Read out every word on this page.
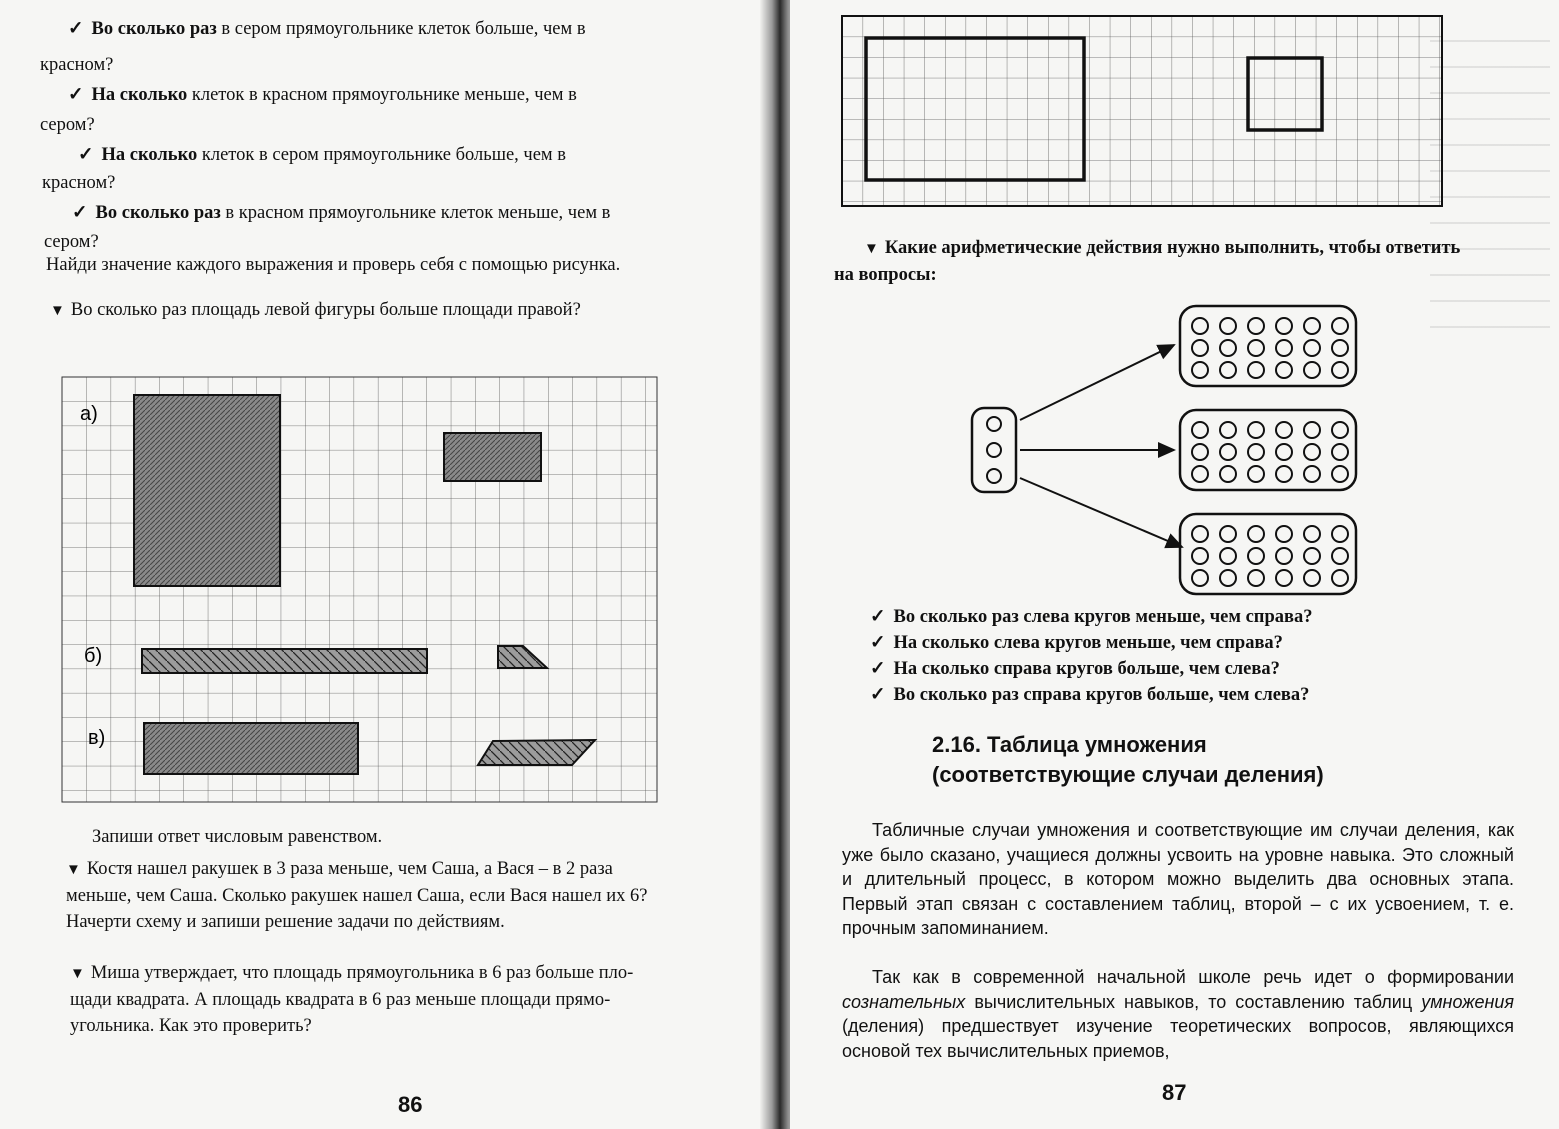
✓ Во сколько раз в сером прямоугольнике клеток больше, чем в
красном?
✓ На сколько клеток в красном прямоугольнике меньше, чем в
сером?
✓ На сколько клеток в сером прямоугольнике больше, чем в
красном?
✓ Во сколько раз в красном прямоугольнике клеток меньше, чем в
сером?
Найди значение каждого выражения и проверь себя с помощью рисунка.
▼ Во сколько раз площадь левой фигуры больше площади правой?
а)
б)
в)
Запиши ответ числовым равенством.
▼ Костя нашел ракушек в 3 раза меньше, чем Саша, а Вася – в 2 раза
меньше, чем Саша. Сколько ракушек нашел Саша, если Вася нашел их 6?
Начерти схему и запиши решение задачи по действиям.
▼ Миша утверждает, что площадь прямоугольника в 6 раз больше пло-
щади квадрата. А площадь квадрата в 6 раз меньше площади прямо-
угольника. Как это проверить?
86
▼ Какие арифметические действия нужно выполнить, чтобы ответить
на вопросы:
✓ Во сколько раз слева кругов меньше, чем справа?
✓ На сколько слева кругов меньше, чем справа?
✓ На сколько справа кругов больше, чем слева?
✓ Во сколько раз справа кругов больше, чем слева?
2.16. Таблица умножения
(соответствующие случаи деления)
Табличные случаи умножения и соответствующие им случаи деления, как уже было сказано, учащиеся должны усвоить на уровне навыка. Это сложный и длительный процесс, в котором можно выделить два основных этапа. Первый этап связан с составлением таблиц, второй – с их усвоением, т. е. прочным запоминанием.
Так как в современной начальной школе речь идет о формировании сознательных вычислительных навыков, то составлению таблиц умножения (деления) предшествует изучение теоретических вопросов, являющихся основой тех вычислительных приемов,
87
